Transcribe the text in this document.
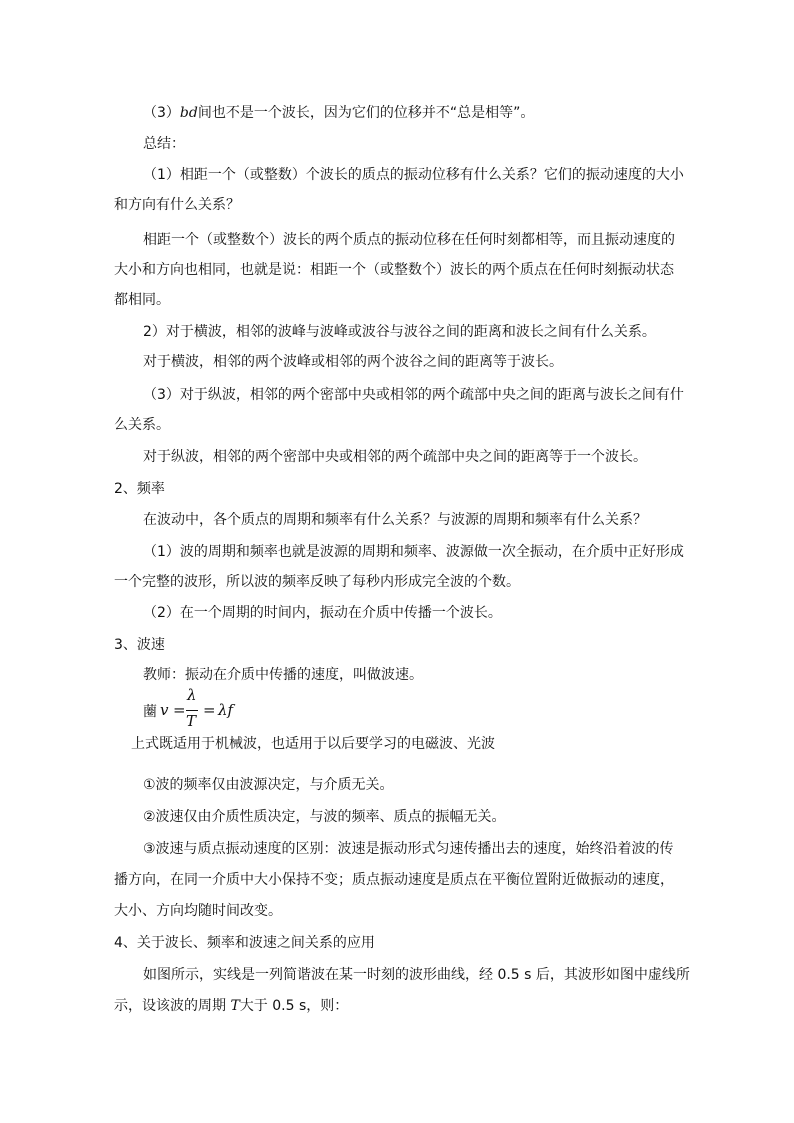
（3）bd间也不是一个波长，因为它们的位移并不“总是相等”。
总结：
（1）相距一个（或整数）个波长的质点的振动位移有什么关系？它们的振动速度的大小
和方向有什么关系？
相距一个（或整数个）波长的两个质点的振动位移在任何时刻都相等，而且振动速度的
大小和方向也相同，也就是说：相距一个（或整数个）波长的两个质点在任何时刻振动状态
都相同。
2）对于横波，相邻的波峰与波峰或波谷与波谷之间的距离和波长之间有什么关系。
对于横波，相邻的两个波峰或相邻的两个波谷之间的距离等于波长。
（3）对于纵波，相邻的两个密部中央或相邻的两个疏部中央之间的距离与波长之间有什
么关系。
对于纵波，相邻的两个密部中央或相邻的两个疏部中央之间的距离等于一个波长。
2、频率
在波动中，各个质点的周期和频率有什么关系？与波源的周期和频率有什么关系？
（1）波的周期和频率也就是波源的周期和频率、波源做一次全振动，在介质中正好形成
一个完整的波形，所以波的频率反映了每秒内形成完全波的个数。
（2）在一个周期的时间内，振动在介质中传播一个波长。
3、波速
教师：振动在介质中传播的速度，叫做波速。
蔨 v =
λ
T
= λf
上式既适用于机械波，也适用于以后要学习的电磁波、光波
①波的频率仅由波源决定，与介质无关。
②波速仅由介质性质决定，与波的频率、质点的振幅无关。
③波速与质点振动速度的区别：波速是振动形式匀速传播出去的速度，始终沿着波的传
播方向，在同一介质中大小保持不变；质点振动速度是质点在平衡位置附近做振动的速度，
大小、方向均随时间改变。
4、关于波长、频率和波速之间关系的应用
如图所示，实线是一列简谐波在某一时刻的波形曲线，经 0.5 s 后，其波形如图中虚线所
示，设该波的周期 T大于 0.5 s，则：
